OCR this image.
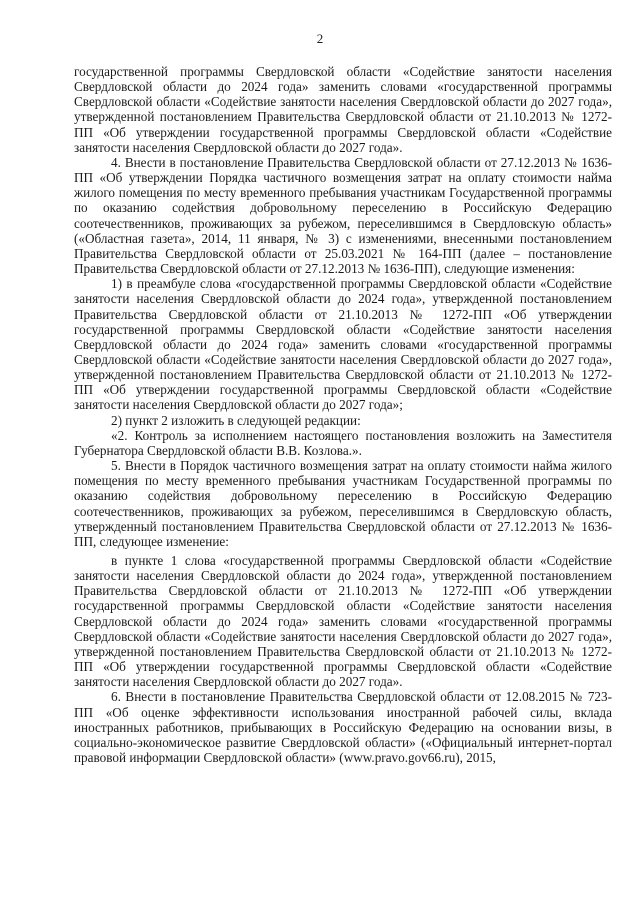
2

государственной программы Свердловской области «Содействие занятости населения Свердловской области до 2024 года» заменить словами «государственной программы Свердловской области «Содействие занятости населения Свердловской области до 2027 года», утвержденной постановлением Правительства Свердловской области от 21.10.2013 № 1272-ПП «Об утверждении государственной программы Свердловской области «Содействие занятости населения Свердловской области до 2027 года».

4. Внести в постановление Правительства Свердловской области от 27.12.2013 № 1636-ПП «Об утверждении Порядка частичного возмещения затрат на оплату стоимости найма жилого помещения по месту временного пребывания участникам Государственной программы по оказанию содействия добровольному переселению в Российскую Федерацию соотечественников, проживающих за рубежом, переселившимся в Свердловскую область» («Областная газета», 2014, 11 января, № 3) с изменениями, внесенными постановлением Правительства Свердловской области от 25.03.2021 № 164-ПП (далее – постановление Правительства Свердловской области от 27.12.2013 № 1636-ПП), следующие изменения:

1) в преамбуле слова «государственной программы Свердловской области «Содействие занятости населения Свердловской области до 2024 года», утвержденной постановлением Правительства Свердловской области от 21.10.2013 № 1272-ПП «Об утверждении государственной программы Свердловской области «Содействие занятости населения Свердловской области до 2024 года» заменить словами «государственной программы Свердловской области «Содействие занятости населения Свердловской области до 2027 года», утвержденной постановлением Правительства Свердловской области от 21.10.2013 № 1272-ПП «Об утверждении государственной программы Свердловской области «Содействие занятости населения Свердловской области до 2027 года»;

2) пункт 2 изложить в следующей редакции:

«2. Контроль за исполнением настоящего постановления возложить на Заместителя Губернатора Свердловской области В.В. Козлова.».

5. Внести в Порядок частичного возмещения затрат на оплату стоимости найма жилого помещения по месту временного пребывания участникам Государственной программы по оказанию содействия добровольному переселению в Российскую Федерацию соотечественников, проживающих за рубежом, переселившимся в Свердловскую область, утвержденный постановлением Правительства Свердловской области от 27.12.2013 № 1636-ПП, следующее изменение:

в пункте 1 слова «государственной программы Свердловской области «Содействие занятости населения Свердловской области до 2024 года», утвержденной постановлением Правительства Свердловской области от 21.10.2013 № 1272-ПП «Об утверждении государственной программы Свердловской области «Содействие занятости населения Свердловской области до 2024 года» заменить словами «государственной программы Свердловской области «Содействие занятости населения Свердловской области до 2027 года», утвержденной постановлением Правительства Свердловской области от 21.10.2013 № 1272-ПП «Об утверждении государственной программы Свердловской области «Содействие занятости населения Свердловской области до 2027 года».

6. Внести в постановление Правительства Свердловской области от 12.08.2015 № 723-ПП «Об оценке эффективности использования иностранной рабочей силы, вклада иностранных работников, прибывающих в Российскую Федерацию на основании визы, в социально-экономическое развитие Свердловской области» («Официальный интернет-портал правовой информации Свердловской области» (www.pravo.gov66.ru), 2015,
